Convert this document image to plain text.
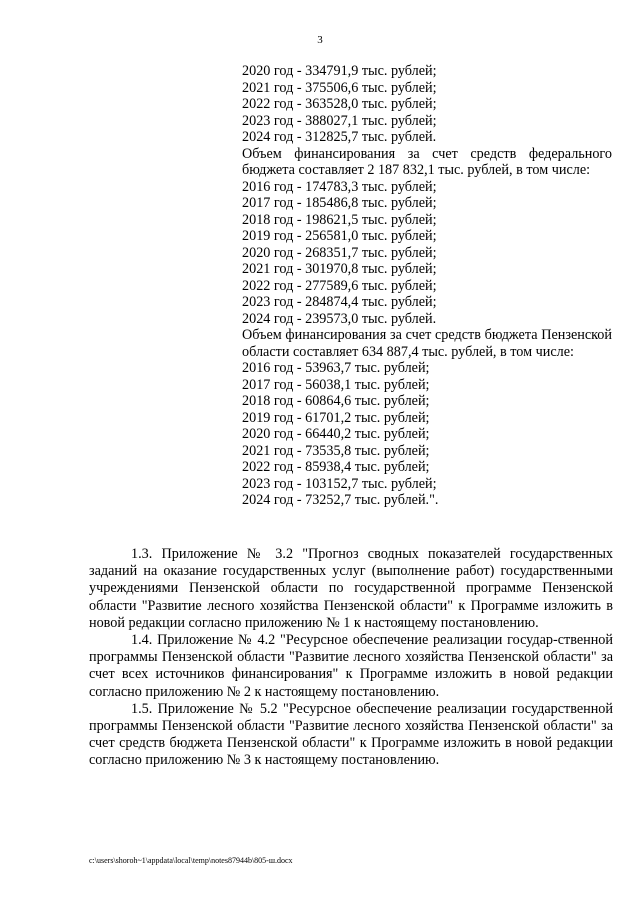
3
2020 год - 334791,9 тыс. рублей;
2021 год - 375506,6 тыс. рублей;
2022 год - 363528,0 тыс. рублей;
2023 год - 388027,1 тыс. рублей;
2024 год - 312825,7 тыс. рублей.
Объем финансирования за счет средств федерального бюджета составляет 2 187 832,1 тыс. рублей, в том числе:
2016 год - 174783,3 тыс. рублей;
2017 год - 185486,8 тыс. рублей;
2018 год - 198621,5 тыс. рублей;
2019 год - 256581,0 тыс. рублей;
2020 год - 268351,7 тыс. рублей;
2021 год - 301970,8 тыс. рублей;
2022 год - 277589,6 тыс. рублей;
2023 год - 284874,4 тыс. рублей;
2024 год - 239573,0 тыс. рублей.
Объем финансирования за счет средств бюджета Пензенской области составляет 634 887,4 тыс. рублей, в том числе:
2016 год - 53963,7 тыс. рублей;
2017 год - 56038,1 тыс. рублей;
2018 год - 60864,6 тыс. рублей;
2019 год - 61701,2 тыс. рублей;
2020 год - 66440,2 тыс. рублей;
2021 год - 73535,8 тыс. рублей;
2022 год - 85938,4 тыс. рублей;
2023 год - 103152,7 тыс. рублей;
2024 год - 73252,7 тыс. рублей.".
1.3. Приложение № 3.2 "Прогноз сводных показателей государственных заданий на оказание государственных услуг (выполнение работ) государственными учреждениями Пензенской области по государственной программе Пензенской области "Развитие лесного хозяйства Пензенской области" к Программе изложить в новой редакции согласно приложению № 1 к настоящему постановлению.
1.4. Приложение № 4.2 "Ресурсное обеспечение реализации государ-ственной программы Пензенской области "Развитие лесного хозяйства Пензенской области" за счет всех источников финансирования" к Программе изложить в новой редакции согласно приложению № 2 к настоящему постановлению.
1.5. Приложение № 5.2 "Ресурсное обеспечение реализации государственной программы Пензенской области "Развитие лесного хозяйства Пензенской области" за счет средств бюджета Пензенской области" к Программе изложить в новой редакции согласно приложению № 3 к настоящему постановлению.
c:\users\shoroh~1\appdata\local\temp\notes87944b\805-ш.docx
